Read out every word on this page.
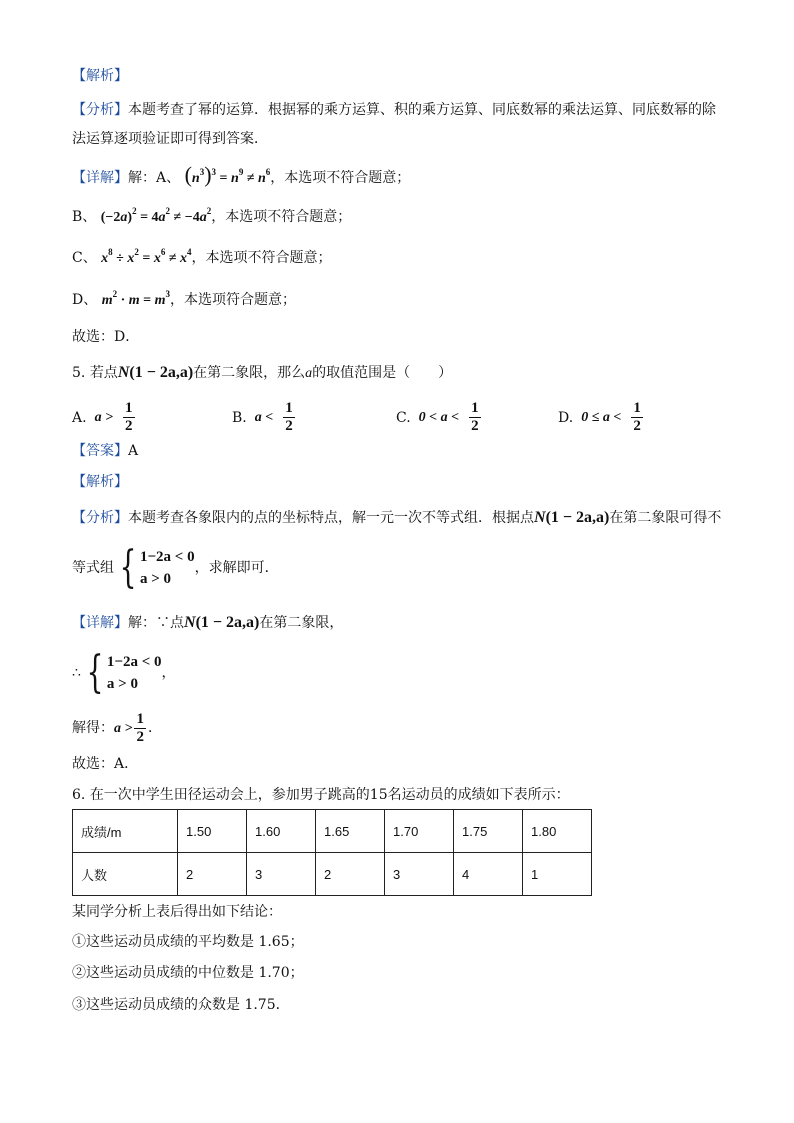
【解析】
【分析】本题考查了幂的运算．根据幂的乘方运算、积的乘方运算、同底数幂的乘法运算、同底数幂的除
法运算逐项验证即可得到答案．
【详解】解：A、 $(n^3)^3 = n^9 \ne n^6$，本选项不符合题意；
B、 $(-2a)^2 = 4a^2 \ne -4a^2$，本选项不符合题意；
C、 $x^8 \div x^2 = x^6 \ne x^4$，本选项不符合题意；
D、 $m^2 \cdot m = m^3$，本选项符合题意；
故选：D．
5. 若点N(1 − 2a,a)在第二象限，那么a的取值范围是（　　）
A. $a > \frac{1}{2}$	B. $a < \frac{1}{2}$	C. $0 < a < \frac{1}{2}$	D. $0 \le a < \frac{1}{2}$
【答案】A
【解析】
【分析】本题考查各象限内的点的坐标特点，解一元一次不等式组．根据点N(1 − 2a,a)在第二象限可得不
等式组 { 1−2a < 0
a > 0
，求解即可．
【详解】解：∵点N(1 − 2a,a)在第二象限，
∴ { 1−2a < 0
a > 0
，
解得：$a > \frac{1}{2}$ ．
故选：A．
6. 在一次中学生田径运动会上，参加男子跳高的15名运动员的成绩如下表所示：
成绩/m	1.50	1.60	1.65	1.70	1.75	1.80
人数	2	3	2	3	4	1
某同学分析上表后得出如下结论：
①这些运动员成绩的平均数是 1.65；
②这些运动员成绩的中位数是 1.70；
③这些运动员成绩的众数是 1.75．
